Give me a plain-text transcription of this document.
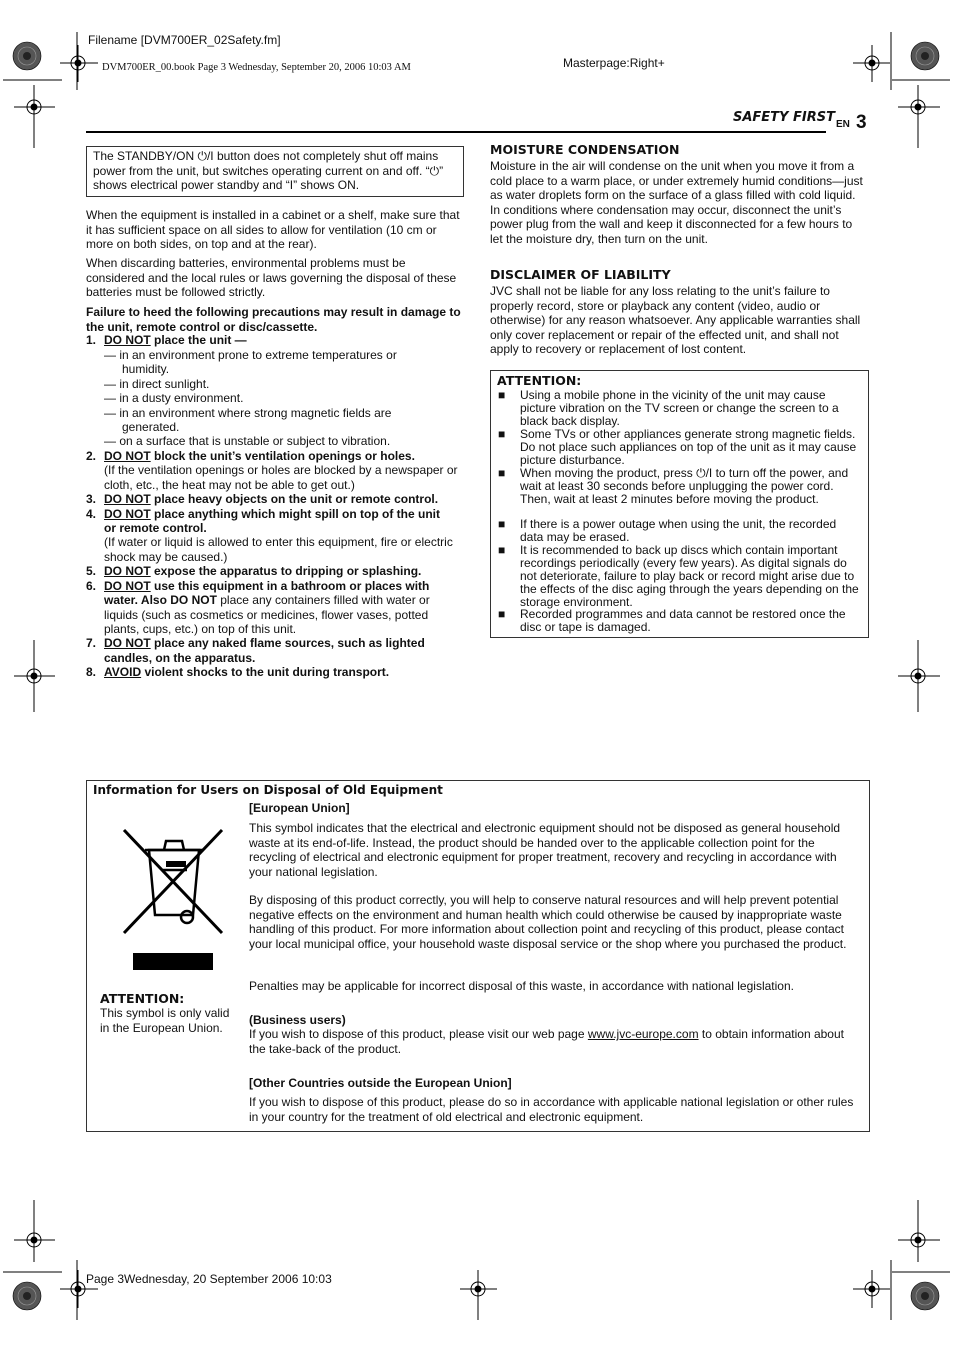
Filename [DVM700ER_02Safety.fm]
DVM700ER_00.book Page 3 Wednesday, September 20, 2006 10:03 AM	Masterpage:Right+
SAFETY FIRST EN 3

The STANDBY/ON ⏻/I button does not completely shut off mains power from the unit, but switches operating current on and off. “⏻” shows electrical power standby and “I” shows ON.

When the equipment is installed in a cabinet or a shelf, make sure that it has sufficient space on all sides to allow for ventilation (10 cm or more on both sides, on top and at the rear).

When discarding batteries, environmental problems must be considered and the local rules or laws governing the disposal of these batteries must be followed strictly.

Failure to heed the following precautions may result in damage to the unit, remote control or disc/cassette.

1. DO NOT place the unit —
— in an environment prone to extreme temperatures or
humidity.
— in direct sunlight.
— in a dusty environment.
— in an environment where strong magnetic fields are
generated.
— on a surface that is unstable or subject to vibration.
2. DO NOT block the unit’s ventilation openings or holes.

(If the ventilation openings or holes are blocked by a newspaper or cloth, etc., the heat may not be able to get out.)

3. DO NOT place heavy objects on the unit or remote control.
4. DO NOT place anything which might spill on top of the unit

or remote control.

(If water or liquid is allowed to enter this equipment, fire or electric shock may be caused.)

5. DO NOT expose the apparatus to dripping or splashing.
6. DO NOT use this equipment in a bathroom or places with

water. Also DO NOT place any containers filled with water or liquids (such as cosmetics or medicines, flower vases, potted plants, cups, etc.) on top of this unit.

7. DO NOT place any naked flame sources, such as lighted

candles, on the apparatus.

8. AVOID violent shocks to the unit during transport.
MOISTURE CONDENSATION

Moisture in the air will condense on the unit when you move it from a cold place to a warm place, or under extremely humid conditions—just as water droplets form on the surface of a glass filled with cold liquid. In conditions where condensation may occur, disconnect the unit’s power plug from the wall and keep it disconnected for a few hours to let the moisture dry, then turn on the unit.

DISCLAIMER OF LIABILITY

JVC shall not be liable for any loss relating to the unit’s failure to properly record, store or playback any content (video, audio or otherwise) for any reason whatsoever. Any applicable warranties shall only cover replacement or repair of the effected unit, and shall not apply to recovery or replacement of lost content.

ATTENTION:
■ Using a mobile phone in the vicinity of the unit may cause picture vibration on the TV screen or change the screen to a black back display.
■ Some TVs or other appliances generate strong magnetic fields. Do not place such appliances on top of the unit as it may cause picture disturbance.
■ When moving the product, press ⏻/I to turn off the power, and wait at least 30 seconds before unplugging the power cord. Then, wait at least 2 minutes before moving the product.
■ If there is a power outage when using the unit, the recorded data may be erased.
■ It is recommended to back up discs which contain important recordings periodically (every few years). As digital signals do not deteriorate, failure to play back or record might arise due to the effects of the disc aging through the years depending on the storage environment.
■ Recorded programmes and data cannot be restored once the disc or tape is damaged.
Information for Users on Disposal of Old Equipment
ATTENTION:

This symbol is only valid in the European Union.

[European Union]

This symbol indicates that the electrical and electronic equipment should not be disposed as general household waste at its end-of-life. Instead, the product should be handed over to the applicable collection point for the recycling of electrical and electronic equipment for proper treatment, recovery and recycling in accordance with your national legislation.

By disposing of this product correctly, you will help to conserve natural resources and will help prevent potential negative effects on the environment and human health which could otherwise be caused by inappropriate waste handling of this product. For more information about collection point and recycling of this product, please contact your local municipal office, your household waste disposal service or the shop where you purchased the product.

Penalties may be applicable for incorrect disposal of this waste, in accordance with national legislation.

(Business users)

If you wish to dispose of this product, please visit our web page www.jvc-europe.com to obtain information about the take-back of the product.

[Other Countries outside the European Union]

If you wish to dispose of this product, please do so in accordance with applicable national legislation or other rules in your country for the treatment of old electrical and electronic equipment.

Page 3Wednesday, 20 September 2006 10:03
